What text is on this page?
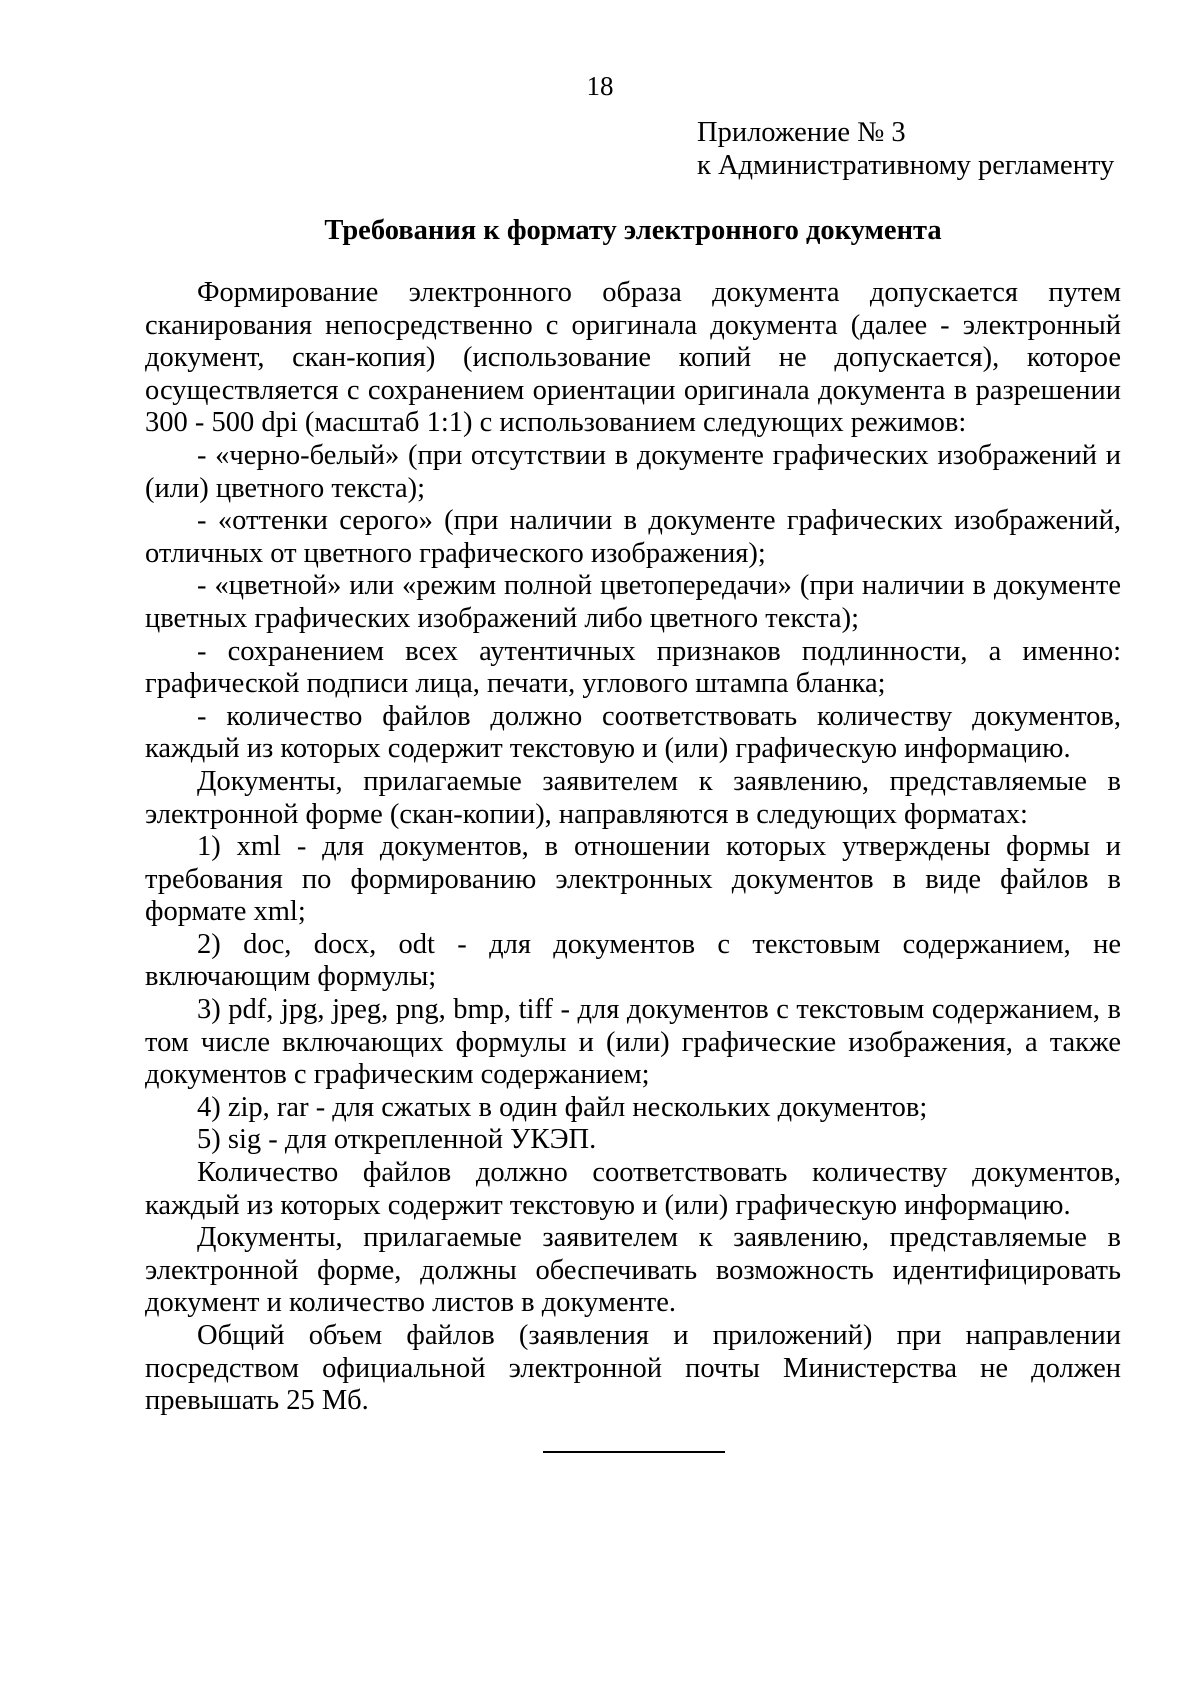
18
Приложение № 3
к Административному регламенту
Требования к формату электронного документа

Формирование электронного образа документа допускается путем сканирования непосредственно с оригинала документа (далее - электронный документ, скан-копия) (использование копий не допускается), которое осуществляется с сохранением ориентации оригинала документа в разрешении 300 - 500 dpi (масштаб 1:1) с использованием следующих режимов:

- «черно-белый» (при отсутствии в документе графических изображений и (или) цветного текста);

- «оттенки серого» (при наличии в документе графических изображений, отличных от цветного графического изображения);

- «цветной» или «режим полной цветопередачи» (при наличии в документе цветных графических изображений либо цветного текста);

- сохранением всех аутентичных признаков подлинности, а именно: графической подписи лица, печати, углового штампа бланка;

- количество файлов должно соответствовать количеству документов, каждый из которых содержит текстовую и (или) графическую информацию.

Документы, прилагаемые заявителем к заявлению, представляемые в электронной форме (скан-копии), направляются в следующих форматах:

1) xml - для документов, в отношении которых утверждены формы и требования по формированию электронных документов в виде файлов в формате xml;

2) doc, docx, odt - для документов с текстовым содержанием, не включающим формулы;

3) pdf, jpg, jpeg, png, bmp, tiff - для документов с текстовым содержанием, в том числе включающих формулы и (или) графические изображения, а также документов с графическим содержанием;

4) zip, rar - для сжатых в один файл нескольких документов;

5) sig - для открепленной УКЭП.

Количество файлов должно соответствовать количеству документов, каждый из которых содержит текстовую и (или) графическую информацию.

Документы, прилагаемые заявителем к заявлению, представляемые в электронной форме, должны обеспечивать возможность идентифицировать документ и количество листов в документе.

Общий объем файлов (заявления и приложений) при направлении посредством официальной электронной почты Министерства не должен превышать 25 Мб.
